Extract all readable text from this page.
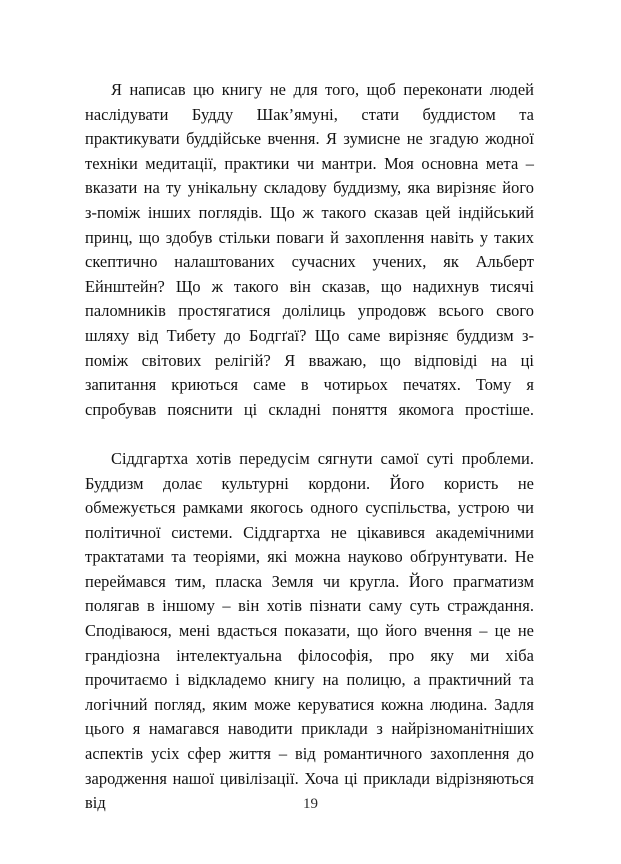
Я написав цю книгу не для того, щоб переконати людей наслідувати Будду Шак’ямуні, стати буддистом та практикувати буддійське вчення. Я зумисне не згадую жодної техніки медитації, практики чи мантри. Моя основна мета – вказати на ту унікальну складову буддизму, яка вирізняє його з-поміж інших поглядів. Що ж такого сказав цей індійський принц, що здобув стільки поваги й захоплення навіть у таких скептично налаштованих сучасних учених, як Альберт Ейнштейн? Що ж такого він сказав, що надихнув тисячі паломників простягатися долілиць упродовж всього свого шляху від Тибету до Бодгґаї? Що саме вирізняє буддизм з-поміж світових релігій? Я вважаю, що відповіді на ці запитання криються саме в чотирьох печатях. Тому я спробував пояснити ці складні поняття якомога простіше.

Сіддгартха хотів передусім сягнути самої суті проблеми. Буддизм долає культурні кордони. Його користь не обмежується рамками якогось одного суспільства, устрою чи політичної системи. Сіддгартха не цікавився академічними трактатами та теоріями, які можна науково обґрунтувати. Не переймався тим, пласка Земля чи кругла. Його прагматизм полягав в іншому – він хотів пізнати саму суть страждання. Сподіваюся, мені вдасться показати, що його вчення – це не грандіозна інтелектуальна філософія, про яку ми хіба прочитаємо і відкладемо книгу на полицю, а практичний та логічний погляд, яким може керуватися кожна людина. Задля цього я намагався наводити приклади з найрізноманітніших аспектів усіх сфер життя – від романтичного захоплення до зародження нашої цивілізації. Хоча ці приклади відрізняються від	19
